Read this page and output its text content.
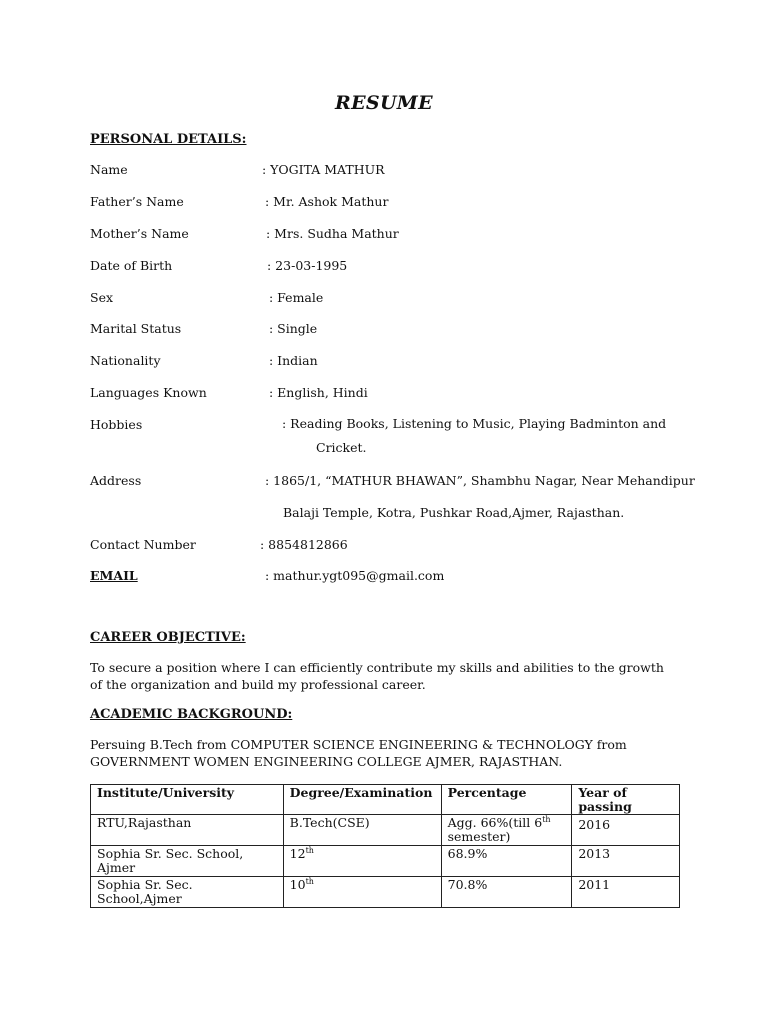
RESUME
PERSONAL DETAILS:
Name	: YOGITA MATHUR
Father’s Name	: Mr. Ashok Mathur
Mother’s Name	: Mrs. Sudha Mathur
Date of Birth	: 23-03-1995
Sex	: Female
Marital Status	: Single
Nationality	: Indian
Languages Known	: English, Hindi
Hobbies	: Reading Books, Listening to Music, Playing Badminton and
Cricket.
Address	: 1865/1, “MATHUR BHAWAN”, Shambhu Nagar, Near Mehandipur
Balaji Temple, Kotra, Pushkar Road,Ajmer, Rajasthan.
Contact Number	: 8854812866
EMAIL	: mathur.ygt095@gmail.com
CAREER OBJECTIVE:
To secure a position where I can efficiently contribute my skills and abilities to the growth of the organization and build my professional career.
ACADEMIC BACKGROUND:
Persuing B.Tech from COMPUTER SCIENCE ENGINEERING & TECHNOLOGY from GOVERNMENT WOMEN ENGINEERING COLLEGE AJMER, RAJASTHAN.
Institute/University	Degree/Examination	Percentage	Year of passing
RTU,Rajasthan	B.Tech(CSE)	Agg. 66%(till 6th semester)	2016
Sophia Sr. Sec. School, Ajmer	12th	68.9%	2013
Sophia Sr. Sec. School,Ajmer	10th	70.8%	2011
